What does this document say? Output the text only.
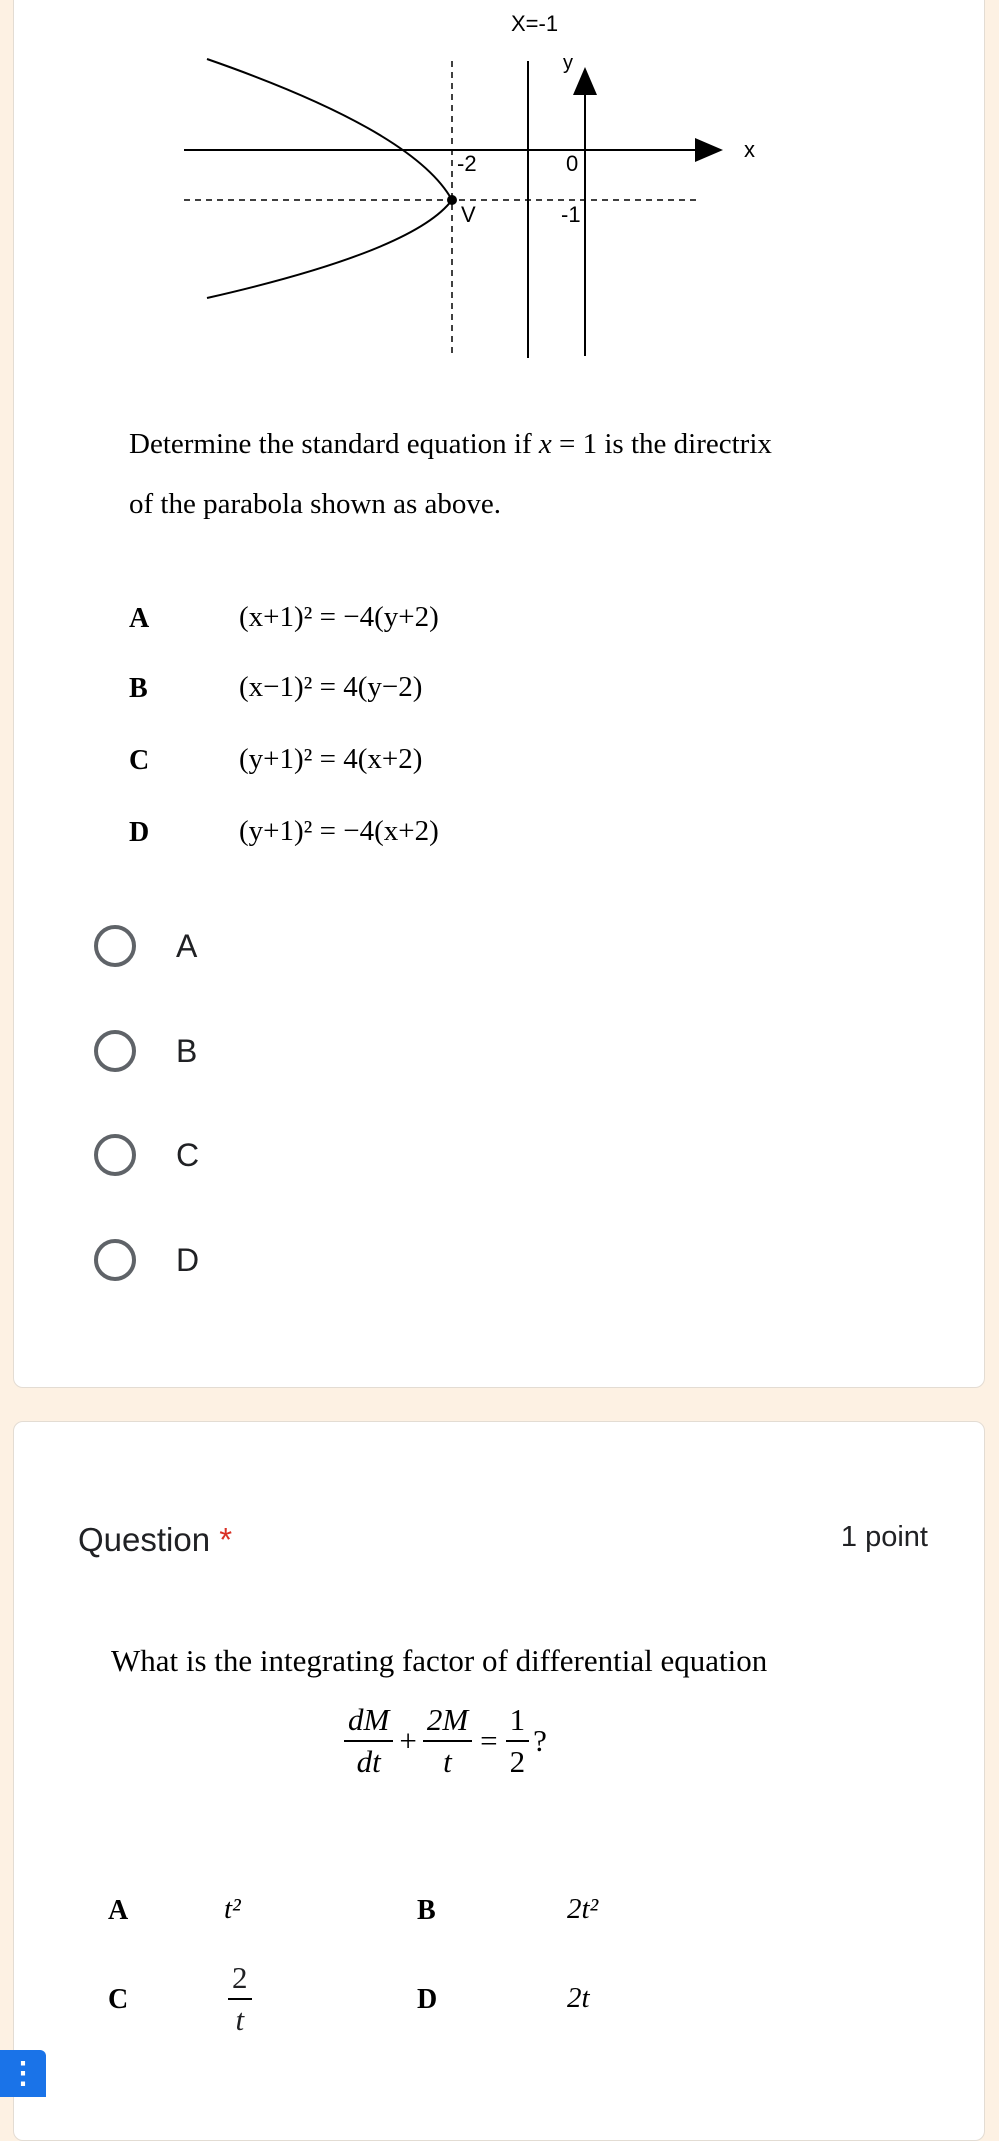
X=-1
y
x
-2	0
V	-1
Determine the standard equation if x = 1 is the directrix
of the parabola shown as above.
A	(x+1)² = −4(y+2)
B	(x−1)² = 4(y−2)
C	(y+1)² = 4(x+2)
D	(y+1)² = −4(x+2)
A
B
C
D
Question *	1 point
What is the integrating factor of differential equation
$\frac{dM}{dt} + \frac{2M}{t} = \frac{1}{2}$ ?
A	t²	B	2t²
C	$\frac{2}{t}$	D	2t
⋮
